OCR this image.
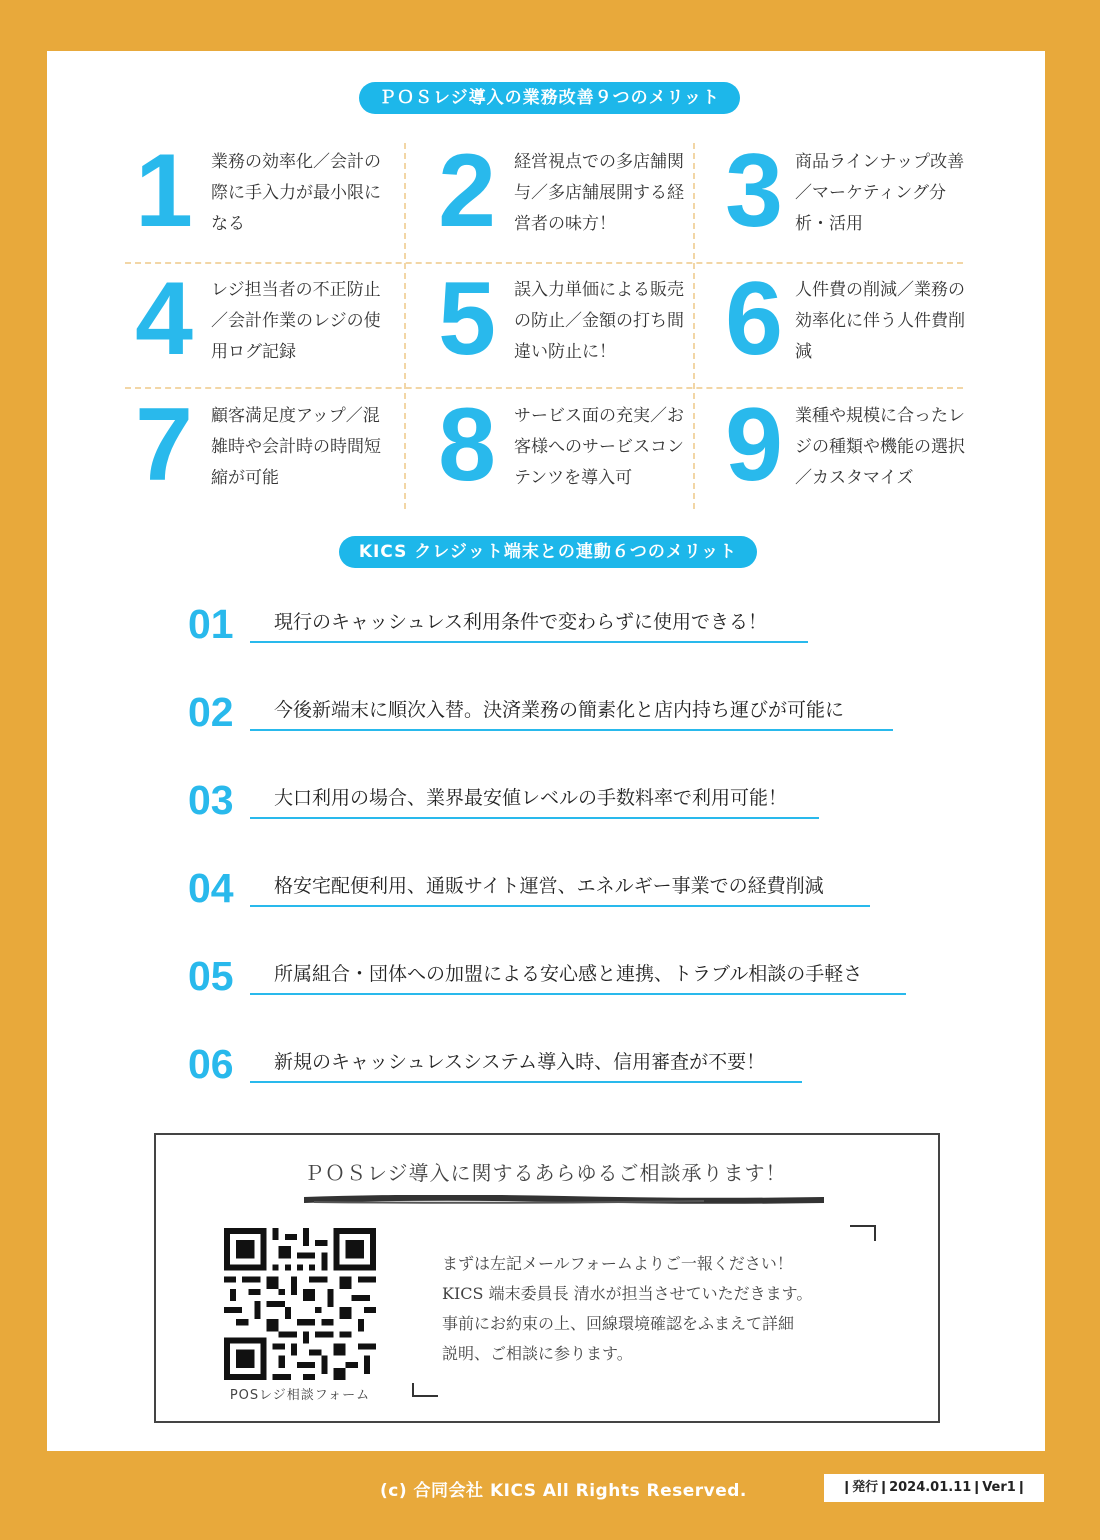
ＰＯＳレジ導入の業務改善９つのメリット
1	業務の効率化／会計の際に手入力が最小限になる	2	経営視点での多店舗関与／多店舗展開する経営者の味方！	3 商品ラインナップ改善／マーケティング分析・活用
4	レジ担当者の不正防止／会計作業のレジの使用ログ記録	5	誤入力単価による販売の防止／金額の打ち間違い防止に！	6 人件費の削減／業務の効率化に伴う人件費削減
7	顧客満足度アップ／混雑時や会計時の時間短縮が可能	8	サービス面の充実／お客様へのサービスコンテンツを導入可 9 業種や規模に合ったレジの種類や機能の選択／カスタマイズ
KICS クレジット端末との連動６つのメリット
01 現行のキャッシュレス利用条件で変わらずに使用できる！
02 今後新端末に順次入替。決済業務の簡素化と店内持ち運びが可能に
03 大口利用の場合、業界最安値レベルの手数料率で利用可能！
04 格安宅配便利用、通販サイト運営、エネルギー事業での経費削減
05 所属組合・団体への加盟による安心感と連携、トラブル相談の手軽さ
06 新規のキャッシュレスシステム導入時、信用審査が不要！
ＰＯＳレジ導入に関するあらゆるご相談承ります！
POSレジ相談フォーム
まずは左記メールフォームよりご一報ください！
KICS 端末委員長 清水が担当させていただきます。
事前にお約束の上、回線環境確認をふまえて詳細
説明、ご相談に参ります。
(c) 合同会社 KICS All Rights Reserved.	❙発行❙2024.01.11❙Ver1❙
